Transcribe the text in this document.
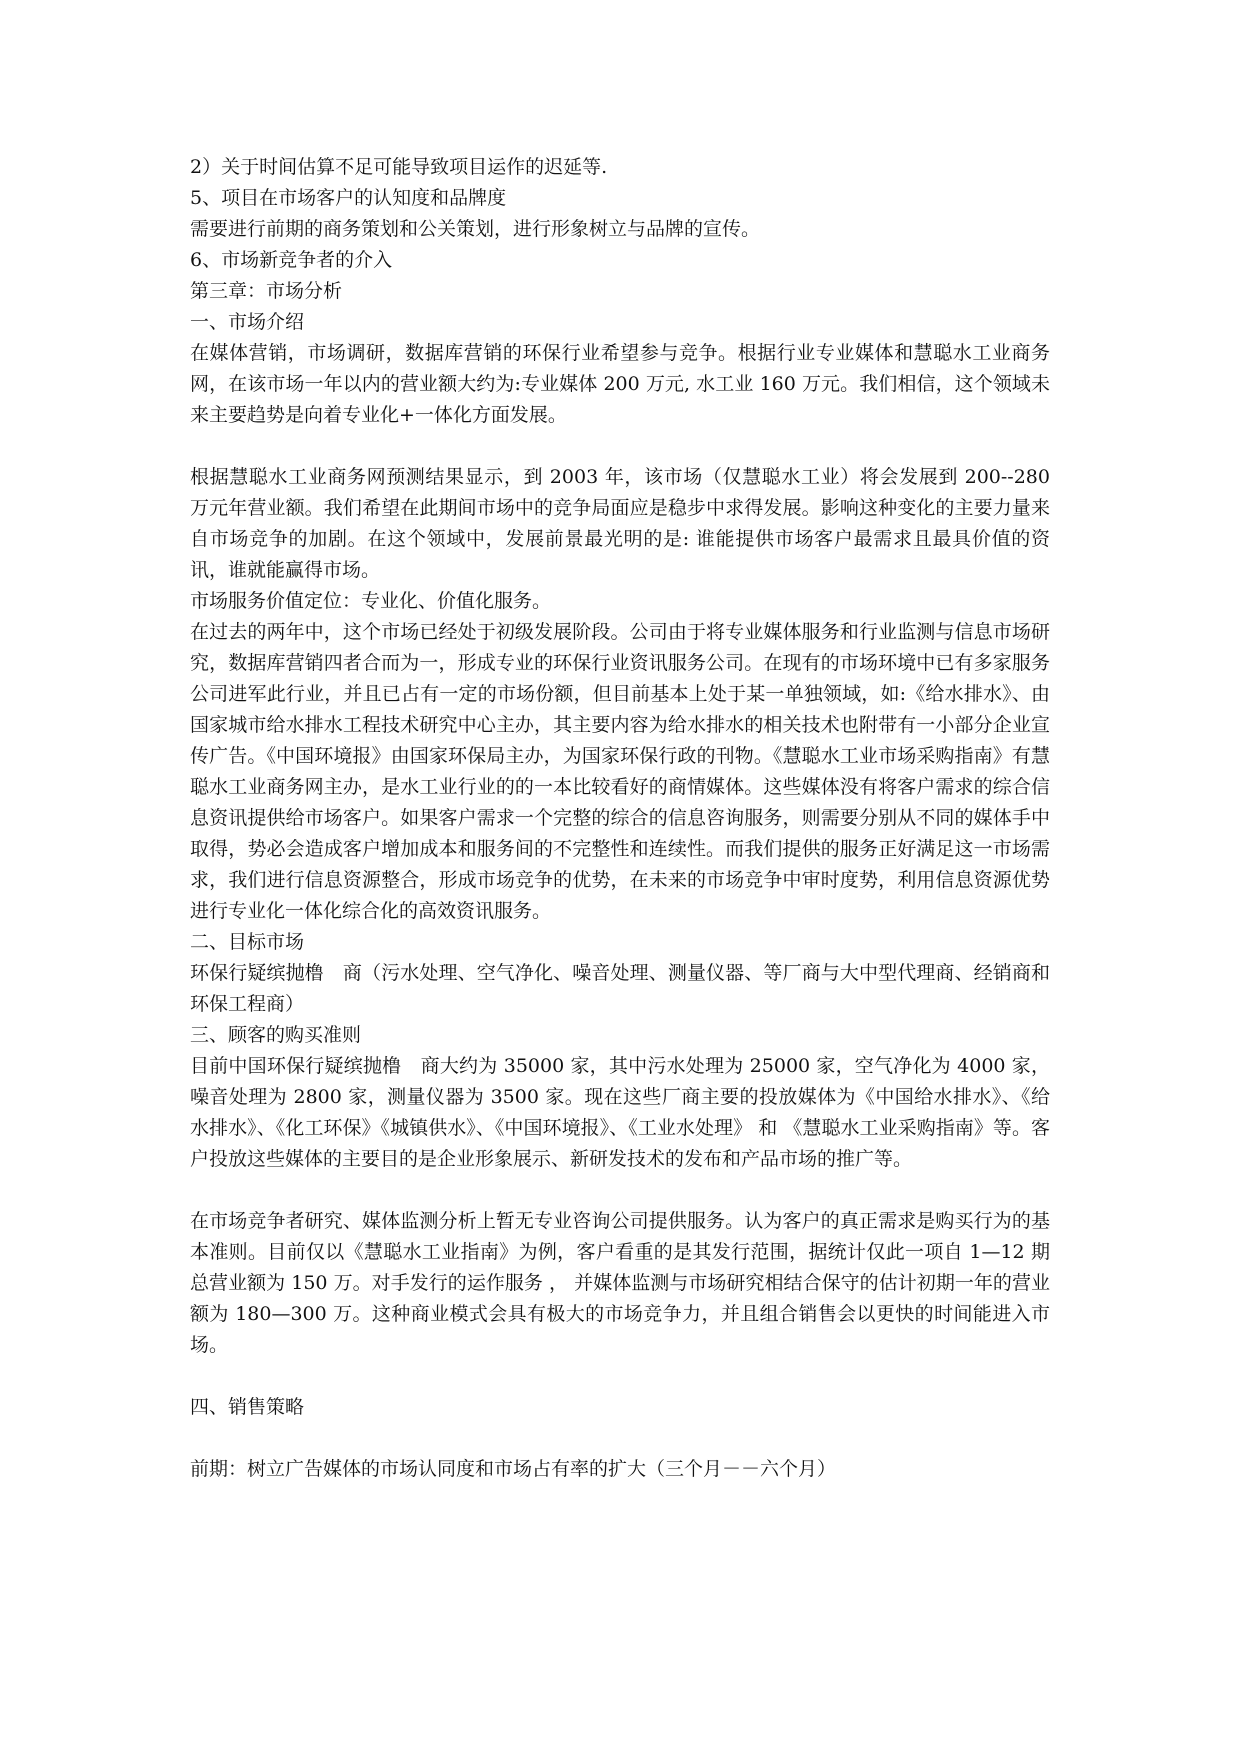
2）关于时间估算不足可能导致项目运作的迟延等.

5、项目在市场客户的认知度和品牌度

需要进行前期的商务策划和公关策划，进行形象树立与品牌的宣传。

6、市场新竞争者的介入

第三章：市场分析

一、市场介绍

在媒体营销，市场调研，数据库营销的环保行业希望参与竞争。根据行业专业媒体和慧聪水工业商务网，在该市场一年以内的营业额大约为:专业媒体 200 万元, 水工业 160 万元。我们相信，这个领域未来主要趋势是向着专业化+一体化方面发展。

根据慧聪水工业商务网预测结果显示，到 2003 年，该市场（仅慧聪水工业）将会发展到 200--280 万元年营业额。我们希望在此期间市场中的竞争局面应是稳步中求得发展。影响这种变化的主要力量来自市场竞争的加剧。在这个领域中，发展前景最光明的是: 谁能提供市场客户最需求且最具价值的资讯，谁就能赢得市场。

市场服务价值定位：专业化、价值化服务。

在过去的两年中，这个市场已经处于初级发展阶段。公司由于将专业媒体服务和行业监测与信息市场研究，数据库营销四者合而为一，形成专业的环保行业资讯服务公司。在现有的市场环境中已有多家服务公司进军此行业，并且已占有一定的市场份额，但目前基本上处于某一单独领域，如:《给水排水》、由国家城市给水排水工程技术研究中心主办，其主要内容为给水排水的相关技术也附带有一小部分企业宣传广告。《中国环境报》由国家环保局主办，为国家环保行政的刊物。《慧聪水工业市场采购指南》有慧聪水工业商务网主办，是水工业行业的的一本比较看好的商情媒体。这些媒体没有将客户需求的综合信息资讯提供给市场客户。如果客户需求一个完整的综合的信息咨询服务，则需要分别从不同的媒体手中取得，势必会造成客户增加成本和服务间的不完整性和连续性。而我们提供的服务正好满足这一市场需求，我们进行信息资源整合，形成市场竞争的优势，在未来的市场竞争中审时度势，利用信息资源优势进行专业化一体化综合化的高效资讯服务。

二、目标市场

环保行疑缤抛橹　商（污水处理、空气净化、噪音处理、测量仪器、等厂商与大中型代理商、经销商和环保工程商）

三、顾客的购买准则

目前中国环保行疑缤抛橹　商大约为 35000 家，其中污水处理为 25000 家，空气净化为 4000 家，噪音处理为 2800 家，测量仪器为 3500 家。现在这些厂商主要的投放媒体为《中国给水排水》、《给水排水》、《化工环保》《城镇供水》、《中国环境报》、《工业水处理》 和 《慧聪水工业采购指南》等。客户投放这些媒体的主要目的是企业形象展示、新研发技术的发布和产品市场的推广等。

在市场竞争者研究、媒体监测分析上暂无专业咨询公司提供服务。认为客户的真正需求是购买行为的基本准则。目前仅以《慧聪水工业指南》为例，客户看重的是其发行范围，据统计仅此一项自 1—12 期总营业额为 150 万。对手发行的运作服务 ， 并媒体监测与市场研究相结合保守的估计初期一年的营业额为 180—300 万。这种商业模式会具有极大的市场竞争力，并且组合销售会以更快的时间能进入市场。

四、销售策略

前期：树立广告媒体的市场认同度和市场占有率的扩大（三个月－－六个月）
